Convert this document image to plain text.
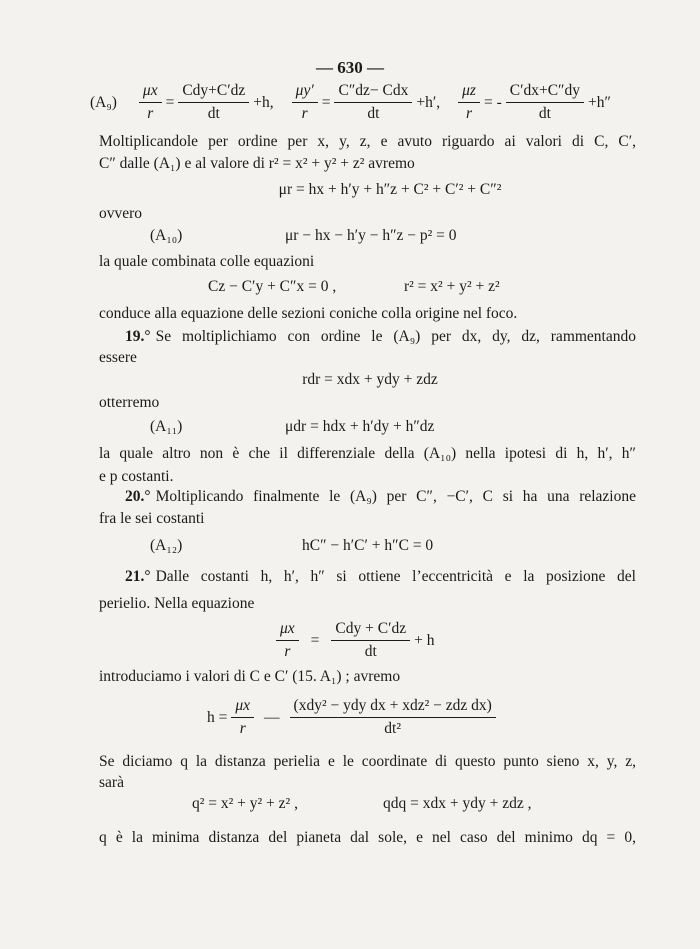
— 630 —
$(A_9) \frac{\mu x}{r} = \frac{\text{Cdy+C′dz}}{dt} +h$, $\frac{\mu y'}{r} = \frac{\text{C″dz− Cdx}}{dt} +h'$, $\frac{\mu z}{r}$ = - $\frac{C'dx+C''dy}{dt} +h''$
Moltiplicandole per ordine per x, y, z, e avuto riguardo ai valori di C, C′,
C″ dalle (A₁) e al valore di r² = x² + y² + z² avremo
μr = hx + h′y + h″z + C² + C′² + C″²
ovvero
(A₁₀)	μr − hx − h′y − h″z − p² = 0
la quale combinata colle equazioni
Cz − C′y + C″x = 0 ,	r² = x² + y² + z²
conduce alla equazione delle sezioni coniche colla origine nel foco.
19.° Se moltiplichiamo con ordine le (A₉) per dx, dy, dz, rammentando
essere
rdr = xdx + ydy + zdz
otterremo
(A₁₁)	μdr = hdx + h′dy + h″dz
la quale altro non è che il differenziale della (A₁₀) nella ipotesi di h, h′, h″
e p costanti.
20.° Moltiplicando finalmente le (A₉) per C″, −C′, C si ha una relazione
fra le sei costanti
(A₁₂)	hC″ − h′C′ + h″C = 0
21.° Dalle costanti h, h′, h″ si ottiene l’eccentricità e la posizione del
perielio. Nella equazione
$\frac{\mu x}{r} = \frac{\text{Cdy + C′dz}}{dt} + h$
introduciamo i valori di C e C′ (15. A₁) ; avremo
$h = \frac{\mu x}{r}$ — $\frac{\text{(xdy² − ydy dx + xdz² − zdz dx)}}{\text{dt²}}$
Se diciamo q la distanza perielia e le coordinate di questo punto sieno x, y, z,
sarà
q² = x² + y² + z² ,	qdq = xdx + ydy + zdz ,
q è la minima distanza del pianeta dal sole, e nel caso del minimo dq = 0,
